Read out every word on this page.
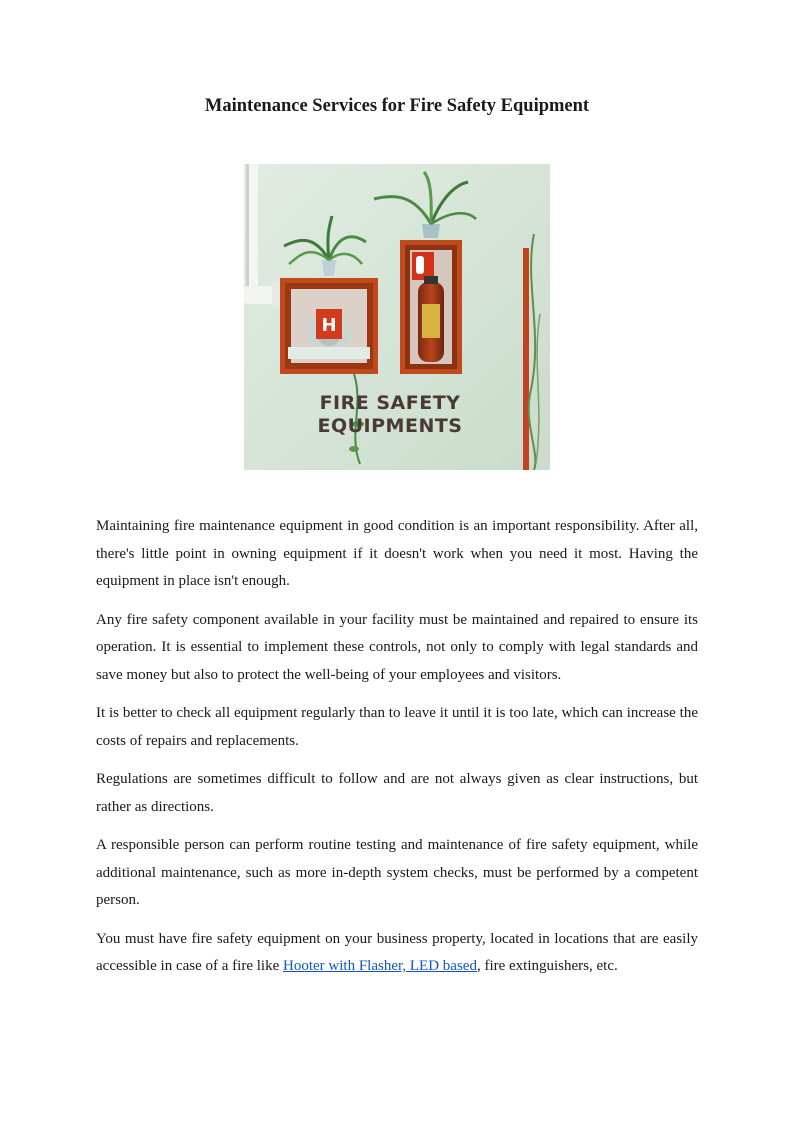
Maintenance Services for Fire Safety Equipment
H
FIRE SAFETY
EQUIPMENTS

Maintaining fire maintenance equipment in good condition is an important responsibility. After all, there's little point in owning equipment if it doesn't work when you need it most. Having the equipment in place isn't enough.

Any fire safety component available in your facility must be maintained and repaired to ensure its operation. It is essential to implement these controls, not only to comply with legal standards and save money but also to protect the well-being of your employees and visitors.

It is better to check all equipment regularly than to leave it until it is too late, which can increase the costs of repairs and replacements.

Regulations are sometimes difficult to follow and are not always given as clear instructions, but rather as directions.

A responsible person can perform routine testing and maintenance of fire safety equipment, while additional maintenance, such as more in-depth system checks, must be performed by a competent person.

You must have fire safety equipment on your business property, located in locations that are easily accessible in case of a fire like Hooter with Flasher, LED based, fire extinguishers, etc.
